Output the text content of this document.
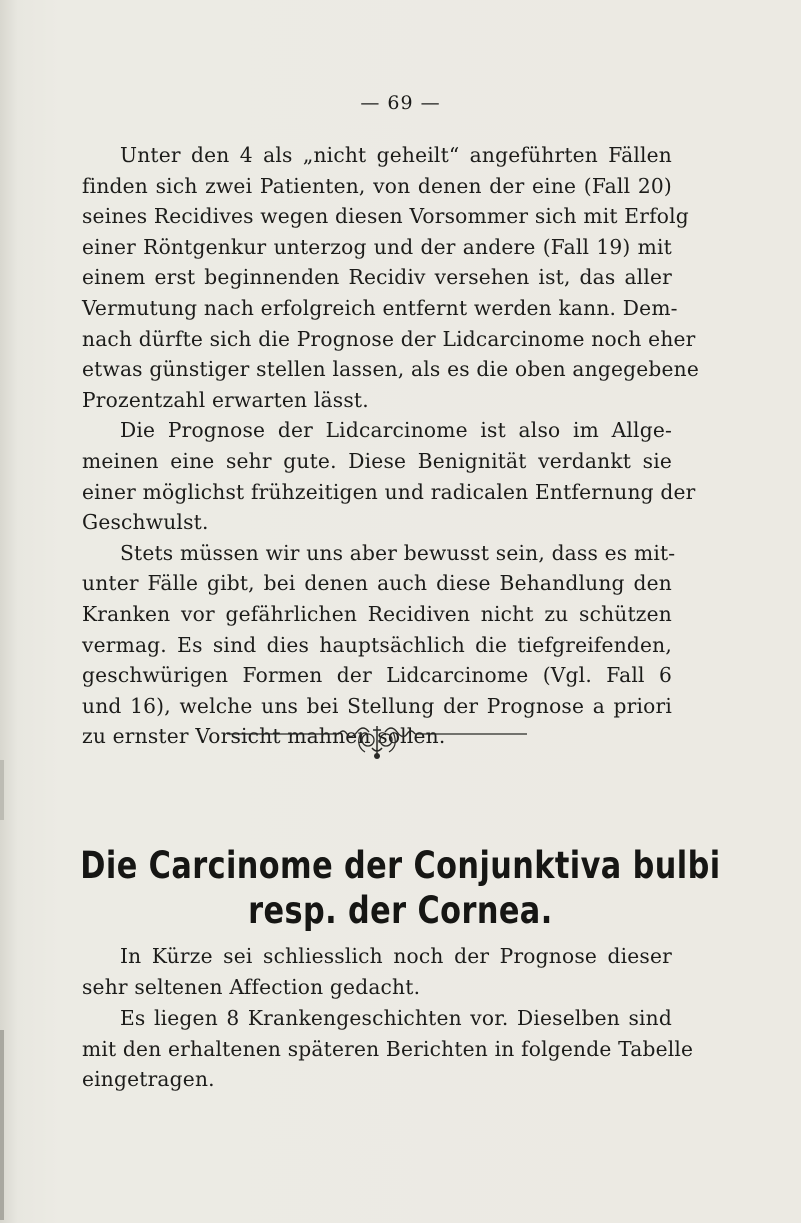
— 69 —
Unter den 4 als „nicht geheilt“ angeführten Fällen
finden sich zwei Patienten, von denen der eine (Fall 20)
seines Recidives wegen diesen Vorsommer sich mit Erfolg
einer Röntgenkur unterzog und der andere (Fall 19) mit
einem erst beginnenden Recidiv versehen ist, das aller
Vermutung nach erfolgreich entfernt werden kann. Dem-
nach dürfte sich die Prognose der Lidcarcinome noch eher
etwas günstiger stellen lassen, als es die oben angegebene
Prozentzahl erwarten lässt.
Die Prognose der Lidcarcinome ist also im Allge-
meinen eine sehr gute. Diese Benignität verdankt sie
einer möglichst frühzeitigen und radicalen Entfernung der
Geschwulst.
Stets müssen wir uns aber bewusst sein, dass es mit-
unter Fälle gibt, bei denen auch diese Behandlung den
Kranken vor gefährlichen Recidiven nicht zu schützen
vermag. Es sind dies hauptsächlich die tiefgreifenden,
geschwürigen Formen der Lidcarcinome (Vgl. Fall 6
und 16), welche uns bei Stellung der Prognose a priori
zu ernster Vorsicht mahnen sollen.
Die Carcinome der Conjunktiva bulbi
resp. der Cornea.
In Kürze sei schliesslich noch der Prognose dieser
sehr seltenen Affection gedacht.
Es liegen 8 Krankengeschichten vor. Dieselben sind
mit den erhaltenen späteren Berichten in folgende Tabelle
eingetragen.
